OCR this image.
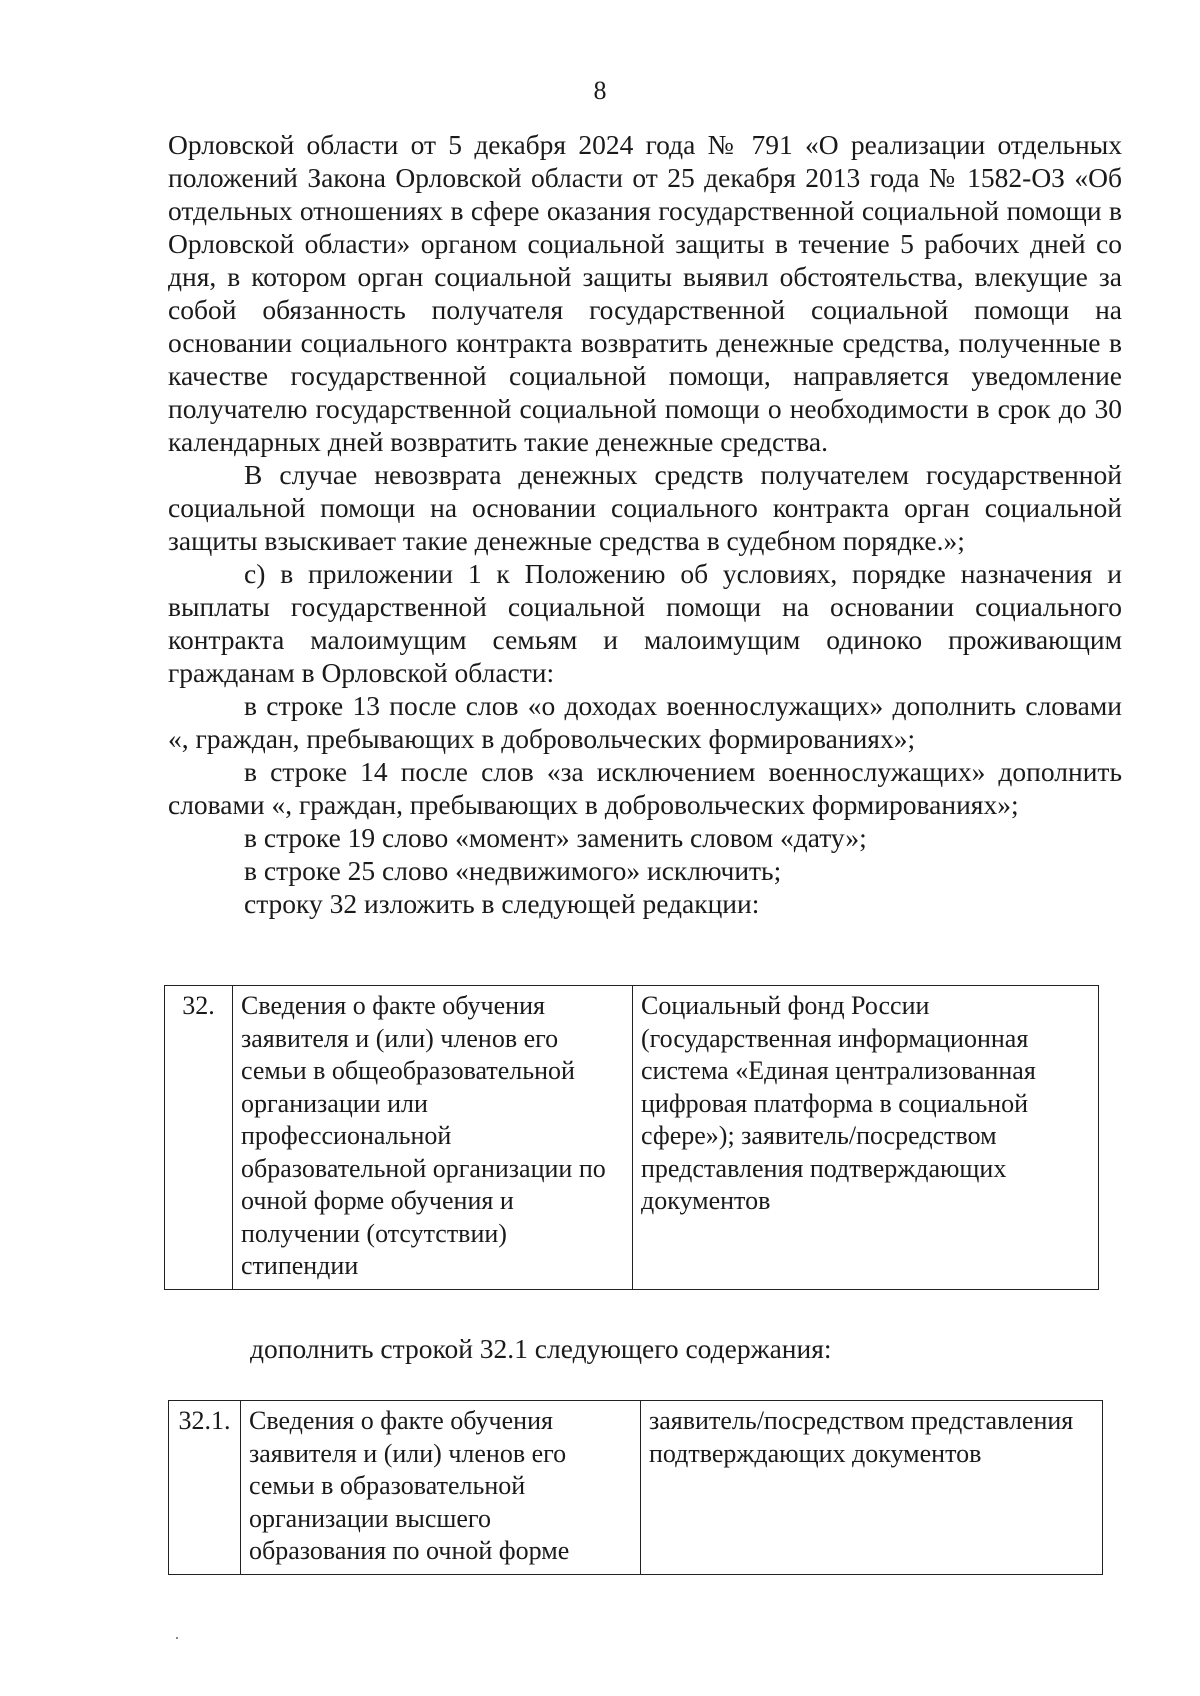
8

Орловской области от 5 декабря 2024 года № 791 «О реализации отдельных положений Закона Орловской области от 25 декабря 2013 года № 1582-ОЗ «Об отдельных отношениях в сфере оказания государственной социальной помощи в Орловской области» органом социальной защиты в течение 5 рабочих дней со дня, в котором орган социальной защиты выявил обстоятельства, влекущие за собой обязанность получателя государственной социальной помощи на основании социального контракта возвратить денежные средства, полученные в качестве государственной социальной помощи, направляется уведомление получателю государственной социальной помощи о необходимости в срок до 30 календарных дней возвратить такие денежные средства.

В случае невозврата денежных средств получателем государственной социальной помощи на основании социального контракта орган социальной защиты взыскивает такие денежные средства в судебном порядке.»;

с) в приложении 1 к Положению об условиях, порядке назначения и выплаты государственной социальной помощи на основании социального контракта малоимущим семьям и малоимущим одиноко проживающим гражданам в Орловской области:

в строке 13 после слов «о доходах военнослужащих» дополнить словами «, граждан, пребывающих в добровольческих формированиях»;

в строке 14 после слов «за исключением военнослужащих» дополнить словами «, граждан, пребывающих в добровольческих формированиях»;

в строке 19 слово «момент» заменить словом «дату»;

в строке 25 слово «недвижимого» исключить;

строку 32 изложить в следующей редакции:

32.	Сведения о факте обучения заявителя и (или) членов его семьи в общеобразовательной организации или профессиональной образовательной организации по очной форме обучения и получении (отсутствии) стипендии	Социальный фонд России (государственная информационная система «Единая централизованная цифровая платформа в социальной сфере»); заявитель/посредством представления подтверждающих документов
дополнить строкой 32.1 следующего содержания:
32.1.	Сведения о факте обучения заявителя и (или) членов его семьи в образовательной организации высшего образования по очной форме	заявитель/посредством представления подтверждающих документов
